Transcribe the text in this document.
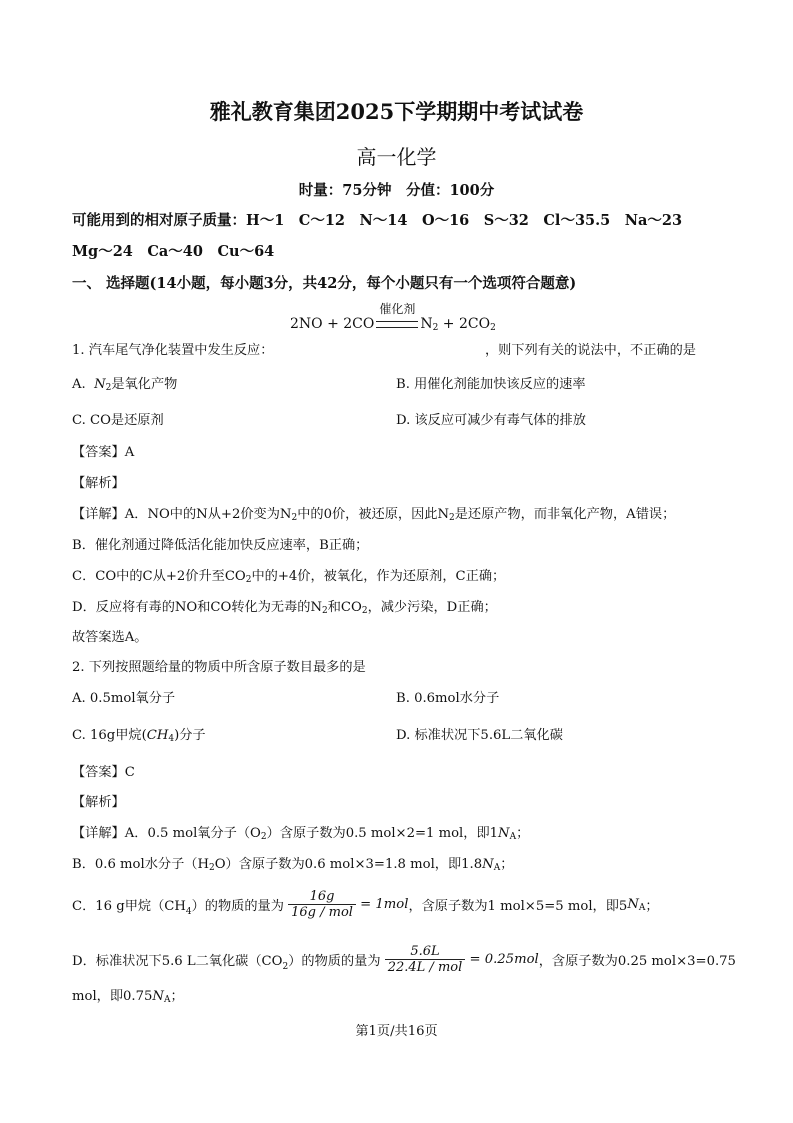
雅礼教育集团2025下学期期中考试试卷
高一化学
时量：75分钟　分值：100分
可能用到的相对原子质量：H～1　C～12　N～14　O～16　S～32　Cl～35.5　Na～23
Mg～24　Ca～40　Cu～64
一、 选择题(14小题，每小题3分，共42分，每个小题只有一个选项符合题意)
2NO + 2CO
催化剂
$N_2 + 2CO_2$
1. 汽车尾气净化装置中发生反应：	，则下列有关的说法中，不正确的是
A. $N_2$是氧化产物	B. 用催化剂能加快该反应的速率
C. CO是还原剂	D. 该反应可减少有毒气体的排放
【答案】A
【解析】
【详解】A．NO中的N从+2价变为$N_2$中的0价，被还原，因此$N_2$是还原产物，而非氧化产物，A错误；
B．催化剂通过降低活化能加快反应速率，B正确；
C．CO中的C从+2价升至$CO_2$中的+4价，被氧化，作为还原剂，C正确；
D．反应将有毒的NO和CO转化为无毒的$N_2$和$CO_2$，减少污染，D正确；
故答案选A。
2. 下列按照题给量的物质中所含原子数目最多的是
A. 0.5mol氧分子	B. 0.6mol水分子
C. 16g甲烷$(CH_4)$分子	D. 标准状况下5.6L二氧化碳
【答案】C
【解析】
【详解】A．0.5 mol氧分子$(O_2)$含原子数为0.5 mol×2=1 mol，即$1N_A$；
B．0.6 mol水分子$(H_2O)$含原子数为0.6 mol×3=1.8 mol，即$1.8N_A$；
C．16 g甲烷$(CH_4)$的物质的量为 $\frac{16g}{\text{16g / mol}} = 1mol$，含原子数为1 mol×5=5 mol，即$5N_A$；
D．标准状况下5.6 L二氧化碳$(CO_2)$的物质的量为 $\frac{5.6L}{\text{22.4L / mol}} = 0.25mol$，含原子数为0.25 mol×3=0.75
mol，即$0.75N_A$；
第1页/共16页
